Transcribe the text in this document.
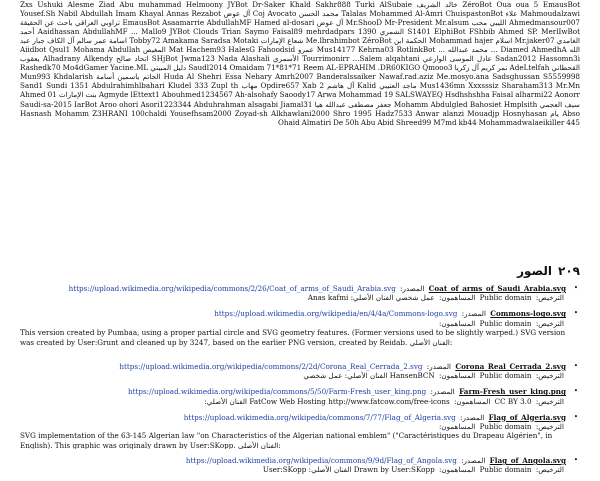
ZéroBot Oua oua 5 EmausBot خالد الشريف Zxs Ushuki Alesme Ziad Abu muhammad Helmoony JYBot Dr-Saker Khald Sakhr888 Turki AlSubaie Mahmoudalzawi علاء Talalas Mohammed Al-Amri ChuispastonBot محمد الحسن Coj Avocato آل عوض Yousef.Sh Nabil Abdullah Imam Khayal Annas Rezabot Ahmedmansour007 الليبي محب Mr.ShooD Mr-President Mr.alsum آل عوض EmausBot Asaamarrie AbdullahMF Hamed al-dosari تراوبي العراقي باحث عن الحقيقة S1401 ElphiBot FShbib Ahmed SP. MerlIwBot الشمري Aaidhassan AbdullahMF ... Mallo9 JYBot Clouds Trian Saymo Faisal89 mehrdadpars 1390 أحمد الغامدي Mr.jaker07 اسلام Mohammad hajer الحكمة ابن Me.lbrahimbot ZéroBot شعاع الإمارات Tobby72 Amakama Saradsa Motaki اسامة عمر سالم آل الكاف جبار عبد الله Diamed AhmedhA ... محمد عبدالله ... Mus14177 Kehrna03 RotlinkBot عمرو Mat Hachem93 HalesG Fahoodsid المغيص Aiidbot Qsul1 Mohama Abdullah Sadan2012 Hassomn3i عادل الموسى الوارعي Tourrimonirr ...Salem alqahtani الأسمري SHjBot Jwma123 Nada Alashali اتحاد صالح Alhadrany Alkendy يعقوب القحطاني AdeLtelfah نمر كريم آل زكريا Saudl2014 Omaidam 71*81*71 Reem AL-EPRAHIM .DR60KIGO Qmooo3 دليل المبيتي Rashedk70 Mo4dGamer Yacine.ML Huda Al Shehri Essa Nehary Amrh2007 Banderalssaiker Nawaf.rad.aziz Me.mosyo.ana Sadsghussan S5559998 الحاتم ياسمين أسامة Mun993 Khdalarish Mus1436mn Xxxsssiz Sharaham313 Mr.Mn ماجد العتيبي Kalid آل هاشم Opdire657 Xab 2 مهاب Sand1 Sundi 1351 Abdulrahimhlbahari Kludel 333 Zupl th Agmyde lEttext1 Abouhmed1234567 Ah-alsohafy Saoody17 Arwa Mohammad 19 SALSWAYEQ Hsdhshshha Faisal alharmi22 Aonorr بنت الإمارات Ahmed 01 سيف العجمي Mohamm Abdulgled Bahosiet Hmplsith جعفر مصطفى عبدالله هيا Saudi-sa-2015 IarBot Aroo ohori Asori1223344 Abduhrahman alsagabi Jiamal31 Abso يام Hasnash Mohamm Z3HRANI 100chaldi Yousefhsam2000 Zoyad-sh Alkhawlani2000 Shro 1995 Hadz7533 Anwar alanzi Mouadjp Hosnyhasan Ohaid Almatiri De 50h Abu Abid Shreed99 M7md kb44 Mohammadwalaeikiller 445
٢٠٩الصور
•
Coat_of_arms_of_Saudi_Arabia.svg المصدر: https://upload.wikimedia.org/wikipedia/commons/2/26/Coat_of_arms_of_Saudi_Arabia.svg
الترخيص: Public domain المساهمون: عمل شخصي الفنان الأصلي: Anas kafmi
•
Commons-logo.svg المصدر: https://upload.wikimedia.org/wikipedia/en/4/4a/Commons-logo.svg
الترخيص: Public domain المساهمون:
This version created by Pumbaa, using a proper partial circle and SVG geometry features. (Former versions used to be slightly warped.) SVG version was created by User:Grunt and cleaned up by 3247, based on the earlier PNG version, created by Reidab. الفنان الأصلي:
•
Corona_Real_Cerrada_2.svg المصدر: https://upload.wikimedia.org/wikipedia/commons/2/2d/Corona_Real_Cerrada_2.svg
الترخيص: Public domain المساهمون: HansenBCN الفنان الأصلي: عمل شخصي
•
Farm-Fresh_user_king.png المصدر: https://upload.wikimedia.org/wikipedia/commons/5/50/Farm-Fresh_user_king.png
الترخيص: CC BY 3.0 المساهمون: FatCow Web Hosting http://www.fatcow.com/free-icons الفنان الأصلي:
•
Flag_of_Algeria.svg المصدر: https://upload.wikimedia.org/wikipedia/commons/7/77/Flag_of_Algeria.svg
الترخيص: Public domain المساهمون:
SVG implementation of the 63-145 Algerian law "on Characteristics of the Algerian national emblem" ("Caractéristiques du Drapeau Algérien", in English). This graphic was originaly drawn by User:SKopp. الفنان الأصلي:
•
Flag_of_Angola.svg المصدر: https://upload.wikimedia.org/wikipedia/commons/9/9d/Flag_of_Angola.svg
الترخيص: Public domain المساهمون: Drawn by User:SKopp الفنان الأصلي: User:SKopp
